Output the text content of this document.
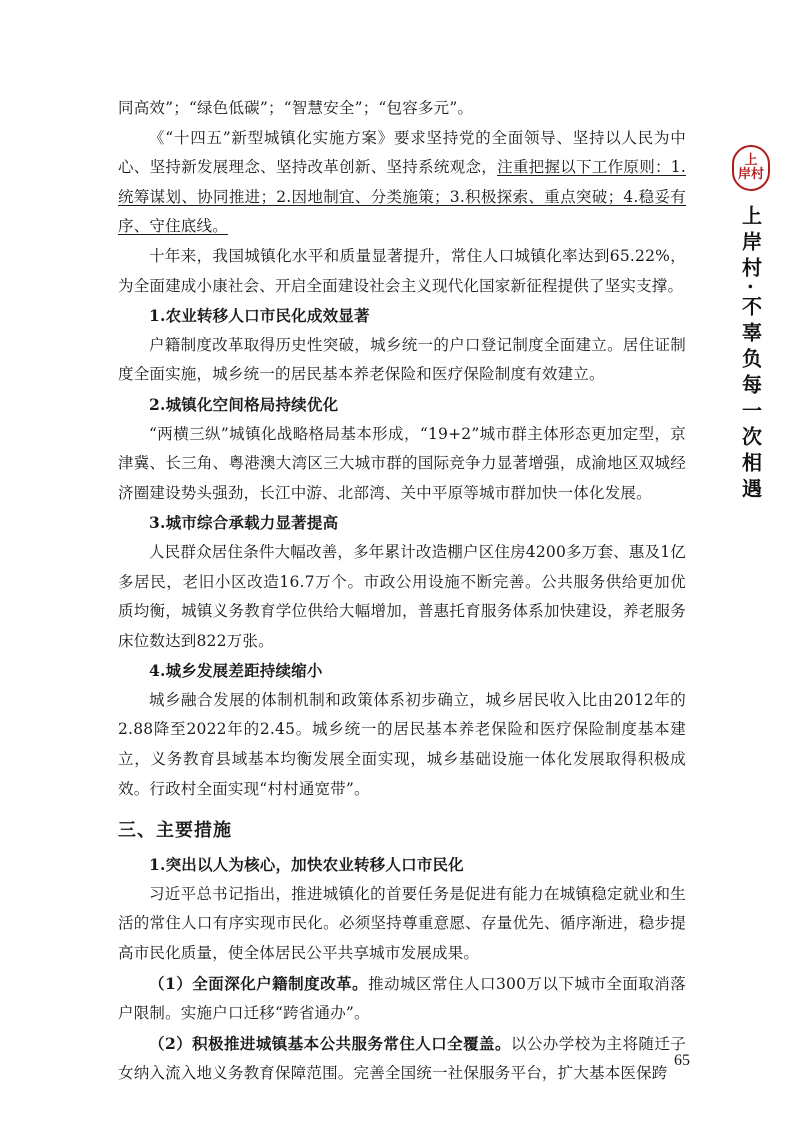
同高效”；“绿色低碳”；“智慧安全”；“包容多元”。

《“十四五”新型城镇化实施方案》要求坚持党的全面领导、坚持以人民为中心、坚持新发展理念、坚持改革创新、坚持系统观念，注重把握以下工作原则：1.统筹谋划、协同推进；2.因地制宜、分类施策；3.积极探索、重点突破；4.稳妥有序、守住底线。

十年来，我国城镇化水平和质量显著提升，常住人口城镇化率达到65.22%，为全面建成小康社会、开启全面建设社会主义现代化国家新征程提供了坚实支撑。

1.农业转移人口市民化成效显著

户籍制度改革取得历史性突破，城乡统一的户口登记制度全面建立。居住证制度全面实施，城乡统一的居民基本养老保险和医疗保险制度有效建立。

2.城镇化空间格局持续优化

“两横三纵”城镇化战略格局基本形成，“19+2”城市群主体形态更加定型，京津冀、长三角、粤港澳大湾区三大城市群的国际竞争力显著增强，成渝地区双城经济圈建设势头强劲，长江中游、北部湾、关中平原等城市群加快一体化发展。

3.城市综合承载力显著提高

人民群众居住条件大幅改善，多年累计改造棚户区住房4200多万套、惠及1亿多居民，老旧小区改造16.7万个。市政公用设施不断完善。公共服务供给更加优质均衡，城镇义务教育学位供给大幅增加，普惠托育服务体系加快建设，养老服务床位数达到822万张。

4.城乡发展差距持续缩小

城乡融合发展的体制机制和政策体系初步确立，城乡居民收入比由2012年的2.88降至2022年的2.45。城乡统一的居民基本养老保险和医疗保险制度基本建立，义务教育县域基本均衡发展全面实现，城乡基础设施一体化发展取得积极成效。行政村全面实现“村村通宽带”。

三、主要措施

1.突出以人为核心，加快农业转移人口市民化

习近平总书记指出，推进城镇化的首要任务是促进有能力在城镇稳定就业和生活的常住人口有序实现市民化。必须坚持尊重意愿、存量优先、循序渐进，稳步提高市民化质量，使全体居民公平共享城市发展成果。

（1）全面深化户籍制度改革。推动城区常住人口300万以下城市全面取消落户限制。实施户口迁移“跨省通办”。

（2）积极推进城镇基本公共服务常住人口全覆盖。以公办学校为主将随迁子女纳入流入地义务教育保障范围。完善全国统一社保服务平台，扩大基本医保跨

上
岸村
上岸村·不辜负每一次相遇
65
